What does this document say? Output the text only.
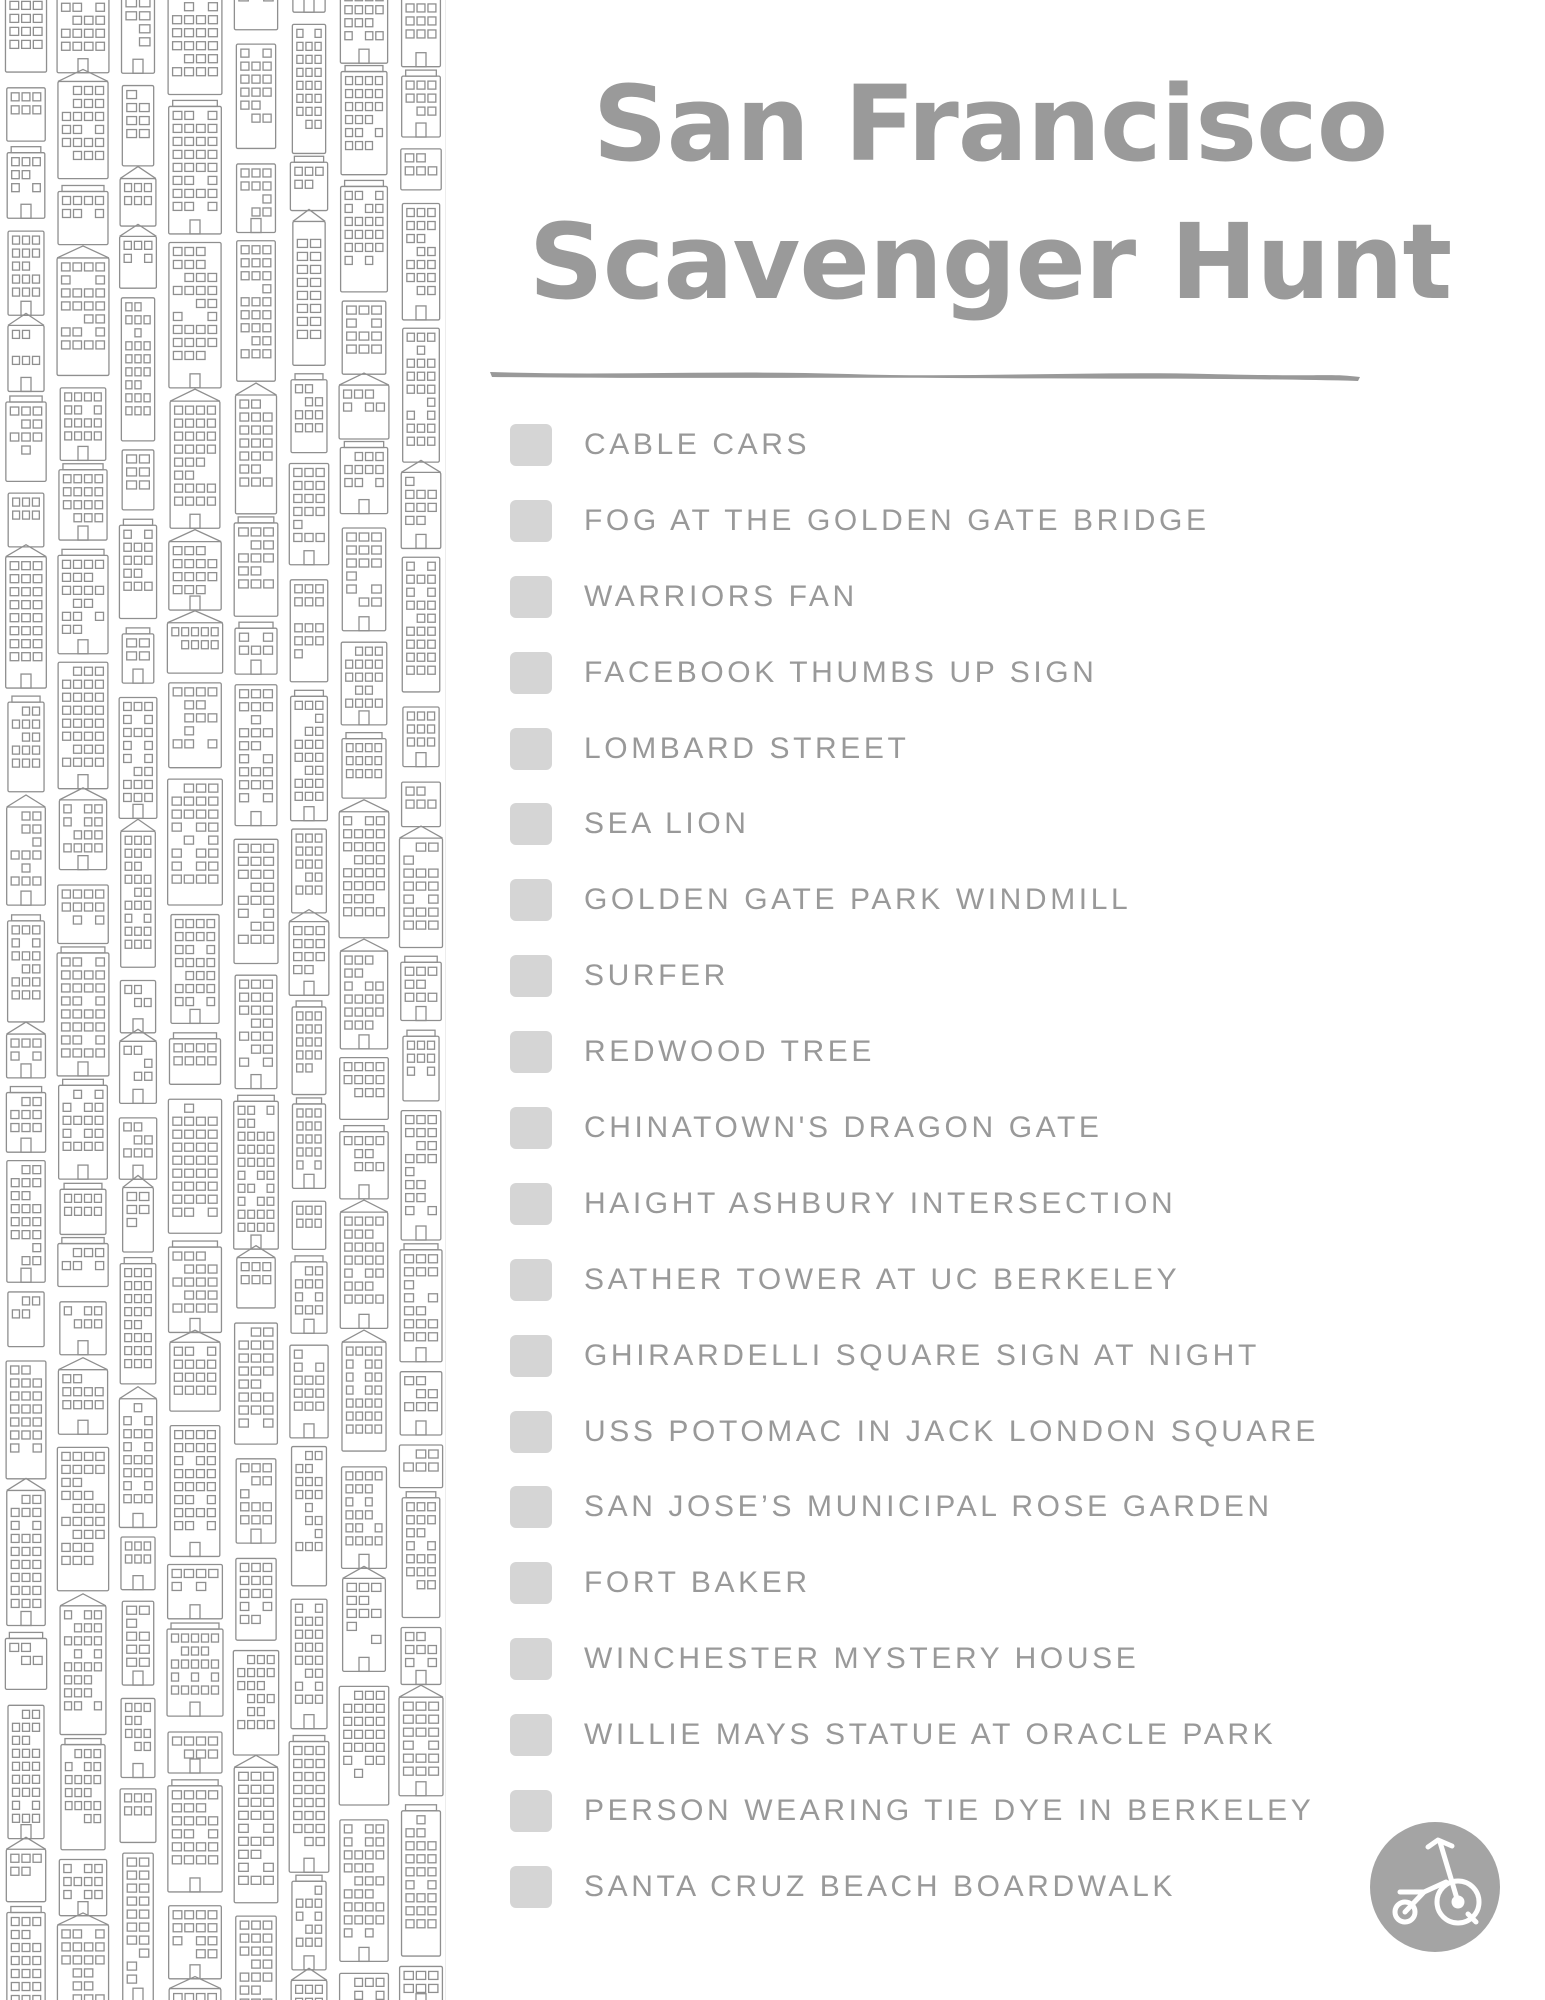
San Francisco
Scavenger Hunt
CABLE CARS
FOG AT THE GOLDEN GATE BRIDGE
WARRIORS FAN
FACEBOOK THUMBS UP SIGN
LOMBARD STREET
SEA LION
GOLDEN GATE PARK WINDMILL
SURFER
REDWOOD TREE
CHINATOWN'S DRAGON GATE
HAIGHT ASHBURY INTERSECTION
SATHER TOWER AT UC BERKELEY
GHIRARDELLI SQUARE SIGN AT NIGHT
USS POTOMAC IN JACK LONDON SQUARE
SAN JOSE’S MUNICIPAL ROSE GARDEN
FORT BAKER
WINCHESTER MYSTERY HOUSE
WILLIE MAYS STATUE AT ORACLE PARK
PERSON WEARING TIE DYE IN BERKELEY
SANTA CRUZ BEACH BOARDWALK
